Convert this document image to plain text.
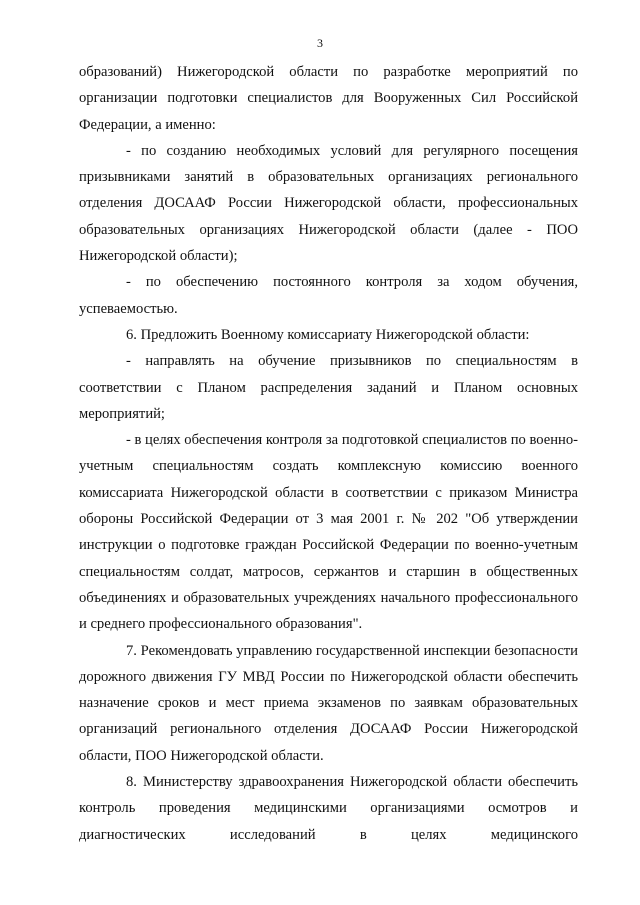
3

образований) Нижегородской области по разработке мероприятий по организации подготовки специалистов для Вооруженных Сил Российской Федерации, а именно:

- по созданию необходимых условий для регулярного посещения призывниками занятий в образовательных организациях регионального отделения ДОСААФ России Нижегородской области, профессиональных образовательных организациях Нижегородской области (далее - ПОО Нижегородской области);

- по обеспечению постоянного контроля за ходом обучения, успеваемостью.

6. Предложить Военному комиссариату Нижегородской области:

- направлять на обучение призывников по специальностям в соответствии с Планом распределения заданий и Планом основных мероприятий;

- в целях обеспечения контроля за подготовкой специалистов по военно-учетным специальностям создать комплексную комиссию военного комиссариата Нижегородской области в соответствии с приказом Министра обороны Российской Федерации от 3 мая 2001 г. № 202 "Об утверждении инструкции о подготовке граждан Российской Федерации по военно-учетным специальностям солдат, матросов, сержантов и старшин в общественных объединениях и образовательных учреждениях начального профессионального и среднего профессионального образования".

7. Рекомендовать управлению государственной инспекции безопасности дорожного движения ГУ МВД России по Нижегородской области обеспечить назначение сроков и мест приема экзаменов по заявкам образовательных организаций регионального отделения ДОСААФ России Нижегородской области, ПОО Нижегородской области.

8. Министерству здравоохранения Нижегородской области обеспечить контроль проведения медицинскими организациями осмотров и диагностических исследований в целях медицинского
